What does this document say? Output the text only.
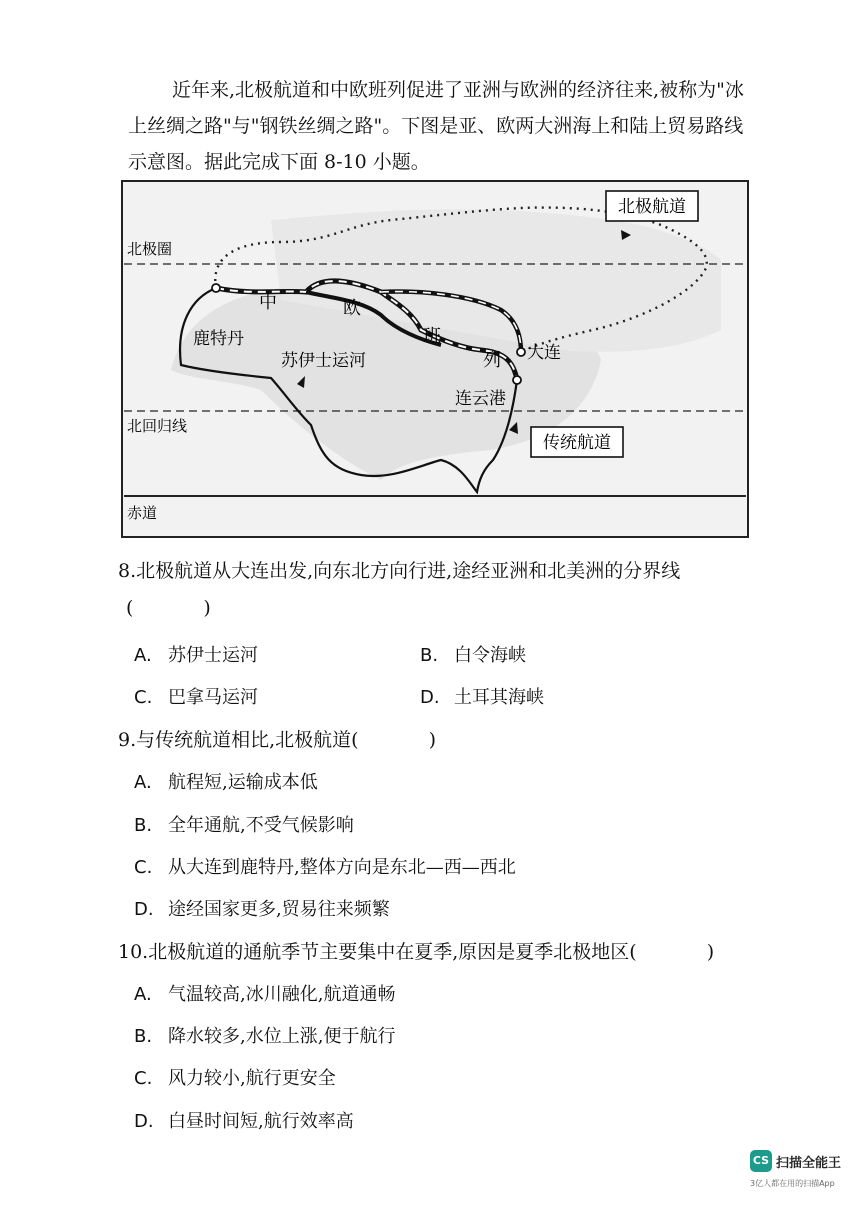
近年来,北极航道和中欧班列促进了亚洲与欧洲的经济往来,被称为"冰
上丝绸之路"与"钢铁丝绸之路"。下图是亚、欧两大洲海上和陆上贸易路线
示意图。据此完成下面 8-10 小题。
北极圈
北回归线
赤道
北极航道
传统航道
鹿特丹
大连
连云港
苏伊士运河
中	欧
班
列
8.北极航道从大连出发,向东北方向行进,途经亚洲和北美洲的分界线
(	)
A. 苏伊士运河	B. 白令海峡
C. 巴拿马运河	D. 土耳其海峡
9.与传统航道相比,北极航道(	)
A. 航程短,运输成本低
B. 全年通航,不受气候影响
C. 从大连到鹿特丹,整体方向是东北—西—西北
D. 途经国家更多,贸易往来频繁
10.北极航道的通航季节主要集中在夏季,原因是夏季北极地区(	)
A. 气温较高,冰川融化,航道通畅
B. 降水较多,水位上涨,便于航行
C. 风力较小,航行更安全
D. 白昼时间短,航行效率高
CS 扫描全能王
3亿人都在用的扫描App
